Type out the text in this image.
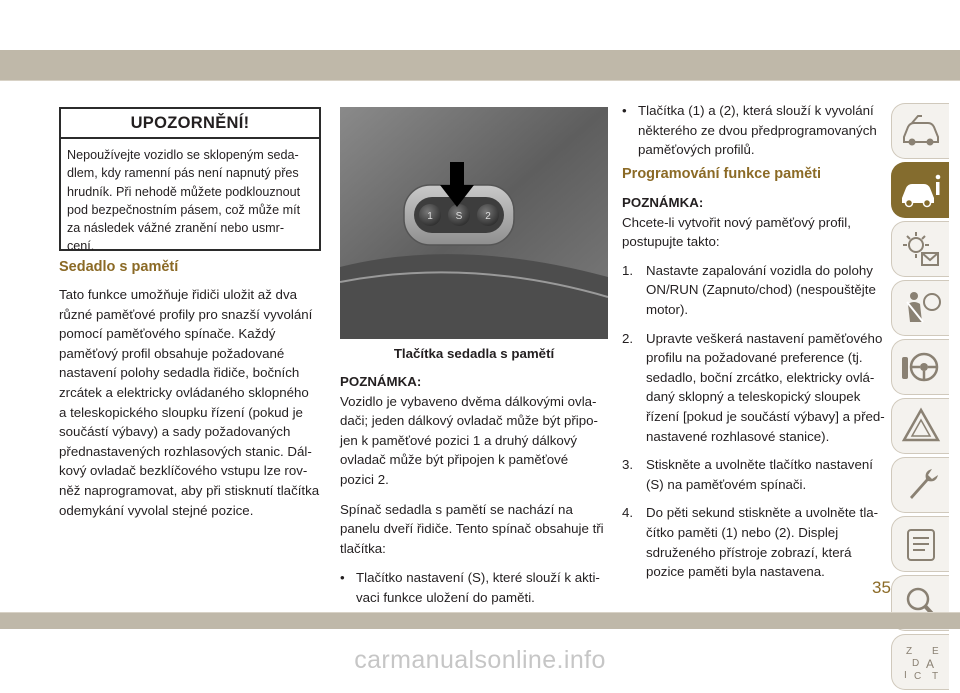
UPOZORNĚNÍ!
Nepoužívejte vozidlo se sklopeným seda-
dlem, kdy ramenní pás není napnutý přes
hrudník. Při nehodě můžete podklouznout
pod bezpečnostním pásem, což může mít
za následek vážné zranění nebo usmr-
cení.
Sedadlo s pamětí

Tato funkce umožňuje řidiči uložit až dva

různé paměťové profily pro snazší vyvolání

pomocí paměťového spínače. Každý

paměťový profil obsahuje požadované

nastavení polohy sedadla řidiče, bočních

zrcátek a elektricky ovládaného sklopného

a teleskopického sloupku řízení (pokud je

součástí výbavy) a sady požadovaných

přednastavených rozhlasových stanic. Dál-

kový ovladač bezklíčového vstupu lze rov-

něž naprogramovat, aby při stisknutí tlačítka

odemykání vyvolal stejné pozice.

1 S 2
Tlačítka sedadla s pamětí

POZNÁMKA:

Vozidlo je vybaveno dvěma dálkovými ovla-

dači; jeden dálkový ovladač může být připo-

jen k paměťové pozici 1 a druhý dálkový

ovladač může být připojen k paměťové

pozici 2.

Spínač sedadla s pamětí se nachází na

panelu dveří řidiče. Tento spínač obsahuje tři

tlačítka:

• Tlačítko nastavení (S), které slouží k akti-
vaci funkce uložení do paměti.
• Tlačítka (1) a (2), která slouží k vyvolání
některého ze dvou předprogramovaných
paměťových profilů.
Programování funkce paměti

POZNÁMKA:

Chcete-li vytvořit nový paměťový profil,

postupujte takto:

1. Nastavte zapalování vozidla do polohy
ON/RUN (Zapnuto/chod) (nespouštějte
motor).
2. Upravte veškerá nastavení paměťového
profilu na požadované preference (tj.
sedadlo, boční zrcátko, elektricky ovlá-
daný sklopný a teleskopický sloupek
řízení [pokud je součástí výbavy] a před-
nastavené rozhlasové stanice).
3. Stiskněte a uvolněte tlačítko nastavení
(S) na paměťovém spínači.
4. Do pěti sekund stiskněte a uvolněte tla-
čítko paměti (1) nebo (2). Displej
sdruženého přístroje zobrazí, která
pozice paměti byla nastavena.
Z E
D A
I C T
35
carmanualsonline.info
